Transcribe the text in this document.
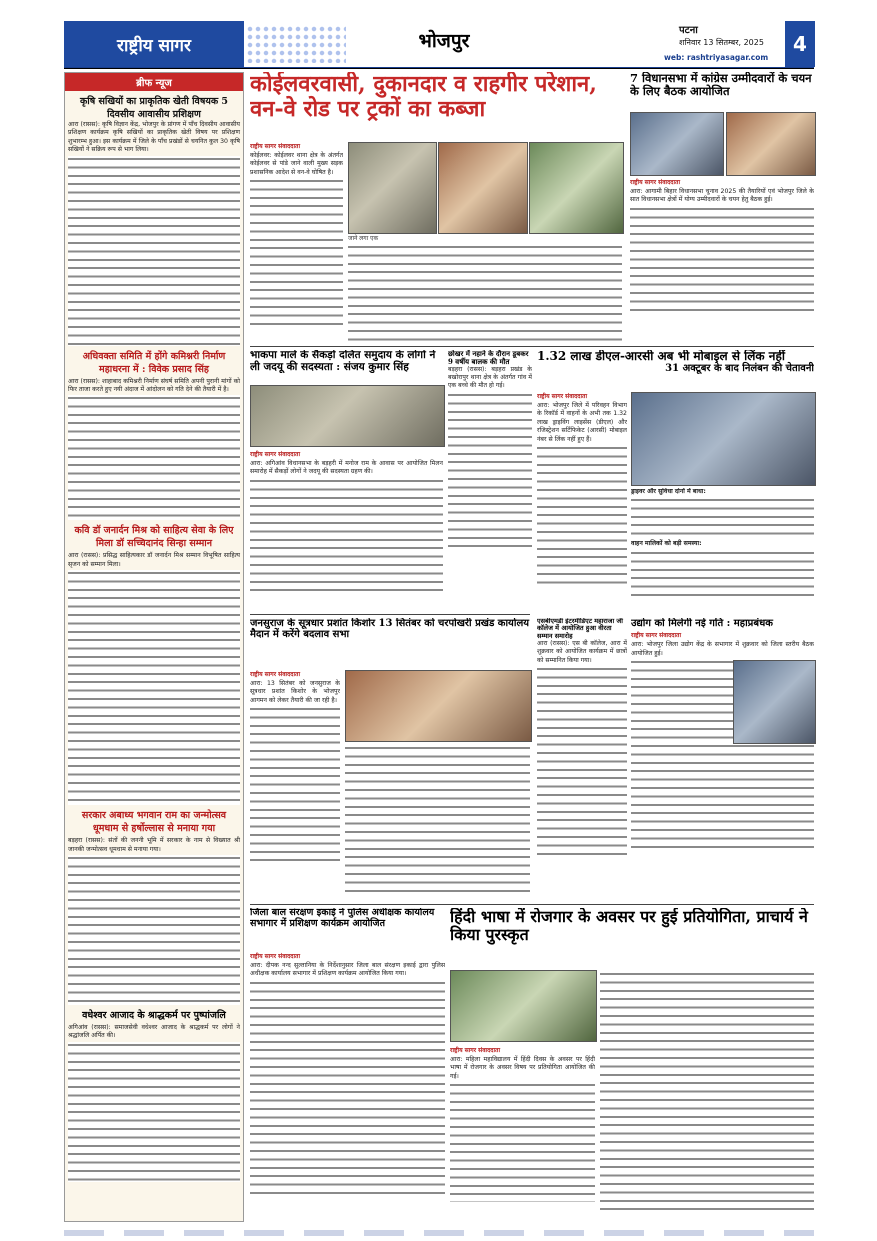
राष्ट्रीय सागर	भोजपुर	पटना
शनिवार 13 सितम्बर, 2025
web: rashtriyasagar.com
4
ब्रीफ न्यूज
कृषि सखियों का प्राकृतिक खेती विषयक 5 दिवसीय आवासीय प्रशिक्षण
आरा (रासस): कृषि विज्ञान केंद्र, भोजपुर के प्रांगण में पाँच दिवसीय आवासीय प्रशिक्षण कार्यक्रम कृषि सखियों का प्राकृतिक खेती विषय पर प्रशिक्षण शुभारम्भ हुआ। इस कार्यक्रम में जिले के पाँच प्रखंडों से चयनित कुल 30 कृषि सखियों ने सक्रिय रूप से भाग लिया।
अधिवक्ता समिति में होंगे कमिश्नरी निर्माण महाधरना में : विवेक प्रसाद सिंह
आरा (रासस): शाहाबाद कमिश्नरी निर्माण संघर्ष समिति अपनी पुरानी मांगों को फिर ताजा करते हुए नयी अंदाज में आंदोलन को गति देने की तैयारी में है।
कवि डॉ जनार्दन मिश्र को साहित्य सेवा के लिए मिला डॉ सच्चिदानंद सिन्हा सम्मान
आरा (रासस): प्रसिद्ध साहित्यकार डॉ जनार्दन मिश्र सम्मान विभूषित साहित्य सृजन को सम्मान मिला।
सरकार अबाध्य भगवान राम का जन्मोत्सव धूमधाम से हर्षोल्लास से मनाया गया
बड़हरा (रासस): संतों की जननी भूमि में सरकार के नाम से विख्यात श्री जानकी जन्मोत्सव धूमधाम से मनाया गया।
वधेश्वर आजाद के श्राद्धकर्म पर पुष्पांजलि
अगिआंव (रासस): समाजसेवी वधेश्वर आजाद के श्राद्धकर्म पर लोगों ने श्रद्धांजलि अर्पित की।
कोईलवरवासी, दुकानदार व राहगीर परेशान, वन-वे रोड पर ट्रकों का कब्जा
राष्ट्रीय सागर संवाददाता
कोईलवर: कोईलवर थाना क्षेत्र के अंतर्गत कोईलवर से पांडे जाने वाली मुख्य सड़क प्रशासनिक आदेश से वन-वे घोषित है।
जाने लगा एक
7 विधानसभा में कांग्रेस उम्मीदवारों के चयन के लिए बैठक आयोजित
राष्ट्रीय सागर संवाददाता
आरा: आगामी बिहार विधानसभा चुनाव 2025 की तैयारियों एवं भोजपुर जिले के सात विधानसभा क्षेत्रों में योग्य उम्मीदवारों के चयन हेतु बैठक हुई।
भाकपा माले के सैकड़ों दलित समुदाय के लोगों ने ली जदयू की सदस्यता : संजय कुमार सिंह
राष्ट्रीय सागर संवाददाता
आरा: अगिआंव विधानसभा के बड़हरी में मनोज राम के आवास पर आयोजित मिलन समारोह में सैकड़ों लोगों ने जदयू की सदस्यता ग्रहण की।
छोखर में नहाने के दौरान डूबकर 9 वर्षीय बालक की मौत
बड़हरा (रासस): बड़हरा प्रखंड के बखोरापुर थाना क्षेत्र के अंतर्गत गांव में एक बच्चे की मौत हो गई।
1.32 लाख डीएल-आरसी अब भी मोबाइल से लिंक नहीं
31 अक्टूबर के बाद निलंबन की चेतावनी
राष्ट्रीय सागर संवाददाता
आरा: भोजपुर जिले में परिवहन विभाग के रिकॉर्ड में वाहनों के अभी तक 1.32 लाख ड्राइविंग लाइसेंस (डीएल) और रजिस्ट्रेशन सर्टिफिकेट (आरसी) मोबाइल नंबर से लिंक नहीं हुए हैं।
ड्राइवर और सुविधा दोनों में बाधा:
वाहन मालिकों को बड़ी समस्या:
जनसुराज के सूत्रधार प्रशांत किशोर 13 सितंबर को चरपोखरी प्रखंड कार्यालय मैदान में करेंगे बदलाव सभा
राष्ट्रीय सागर संवाददाता
आरा: 13 सितंबर को जनसुराज के सूत्रधार प्रशांत किशोर के भोजपुर आगमन को लेकर तैयारी की जा रही है।
एसबीएमडी इंटरमीडिएट महाराजा जी कॉलेज में आयोजित हुआ वीरता सम्मान समारोह
आरा (रासस): एस बी कॉलेज, आरा में शुक्रवार को आयोजित कार्यक्रम में छात्रों को सम्मानित किया गया।
उद्योग को मिलेगी नई गति : महाप्रबंधक
राष्ट्रीय सागर संवाददाता
आरा: भोजपुर जिला उद्योग केंद्र के सभागार में शुक्रवार को जिला स्तरीय बैठक आयोजित हुई।
जिला बाल संरक्षण इकाई ने पुलिस अधीक्षक कार्यालय सभागार में प्रशिक्षण कार्यक्रम आयोजित
राष्ट्रीय सागर संवाददाता
आरा: दीपक नन्द सुल्तानिया के निर्देशानुसार जिला बाल संरक्षण इकाई द्वारा पुलिस अधीक्षक कार्यालय सभागार में प्रशिक्षण कार्यक्रम आयोजित किया गया।
हिंदी भाषा में रोजगार के अवसर पर हुई प्रतियोगिता, प्राचार्य ने किया पुरस्कृत
राष्ट्रीय सागर संवाददाता
आरा: महिला महाविद्यालय में हिंदी दिवस के अवसर पर हिंदी भाषा में रोजगार के अवसर विषय पर प्रतियोगिता आयोजित की गई।
